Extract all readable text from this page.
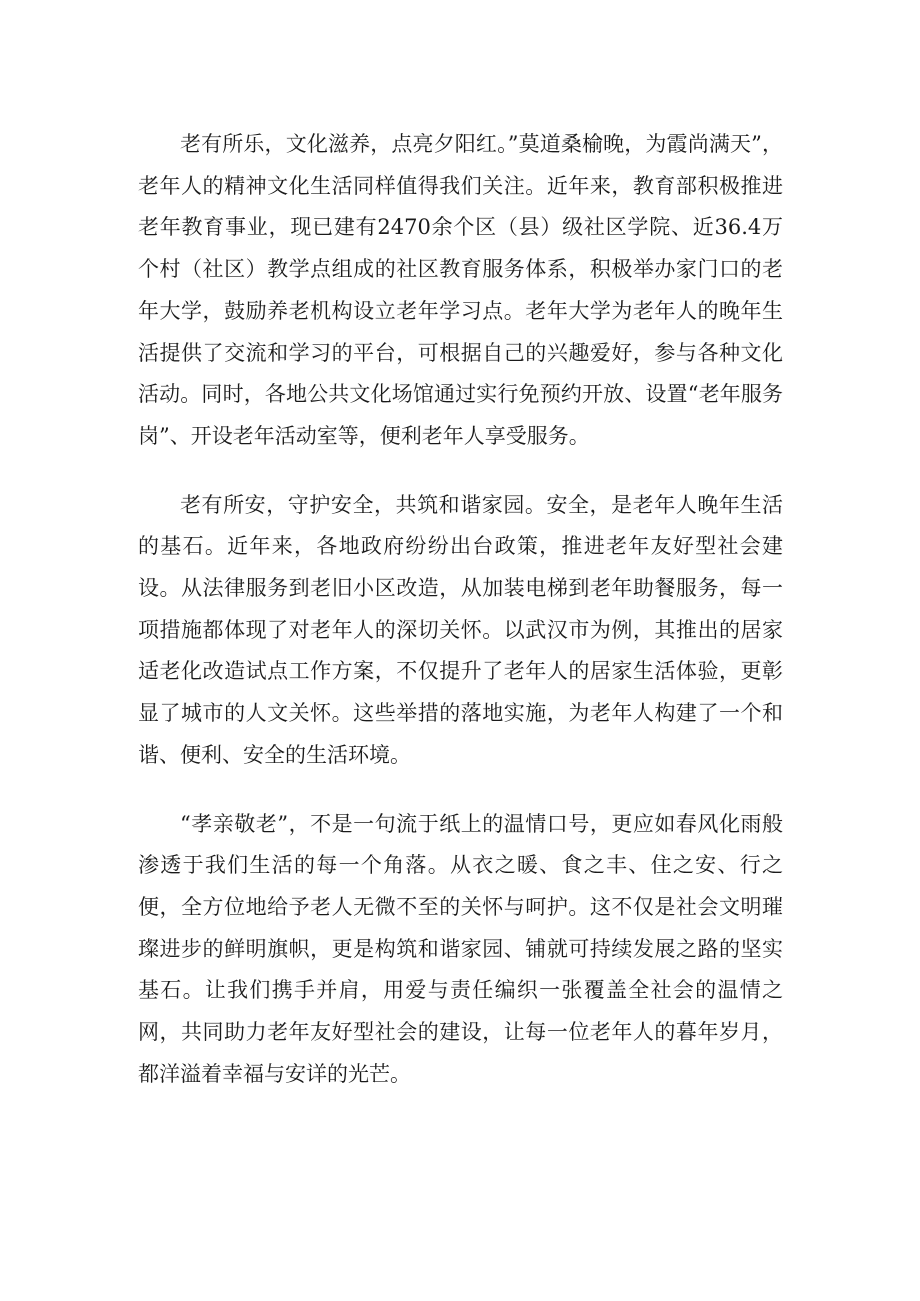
老有所乐，文化滋养，点亮夕阳红。”莫道桑榆晚，为霞尚满天”，老年人的精神文化生活同样值得我们关注。近年来，教育部积极推进老年教育事业，现已建有2470余个区（县）级社区学院、近36.4万个村（社区）教学点组成的社区教育服务体系，积极举办家门口的老年大学，鼓励养老机构设立老年学习点。老年大学为老年人的晚年生活提供了交流和学习的平台，可根据自己的兴趣爱好，参与各种文化活动。同时，各地公共文化场馆通过实行免预约开放、设置“老年服务岗”、开设老年活动室等，便利老年人享受服务。

老有所安，守护安全，共筑和谐家园。安全，是老年人晚年生活的基石。近年来，各地政府纷纷出台政策，推进老年友好型社会建设。从法律服务到老旧小区改造，从加装电梯到老年助餐服务，每一项措施都体现了对老年人的深切关怀。以武汉市为例，其推出的居家适老化改造试点工作方案，不仅提升了老年人的居家生活体验，更彰显了城市的人文关怀。这些举措的落地实施，为老年人构建了一个和谐、便利、安全的生活环境。

“孝亲敬老”，不是一句流于纸上的温情口号，更应如春风化雨般渗透于我们生活的每一个角落。从衣之暖、食之丰、住之安、行之便，全方位地给予老人无微不至的关怀与呵护。这不仅是社会文明璀璨进步的鲜明旗帜，更是构筑和谐家园、铺就可持续发展之路的坚实基石。让我们携手并肩，用爱与责任编织一张覆盖全社会的温情之网，共同助力老年友好型社会的建设，让每一位老年人的暮年岁月，都洋溢着幸福与安详的光芒。
